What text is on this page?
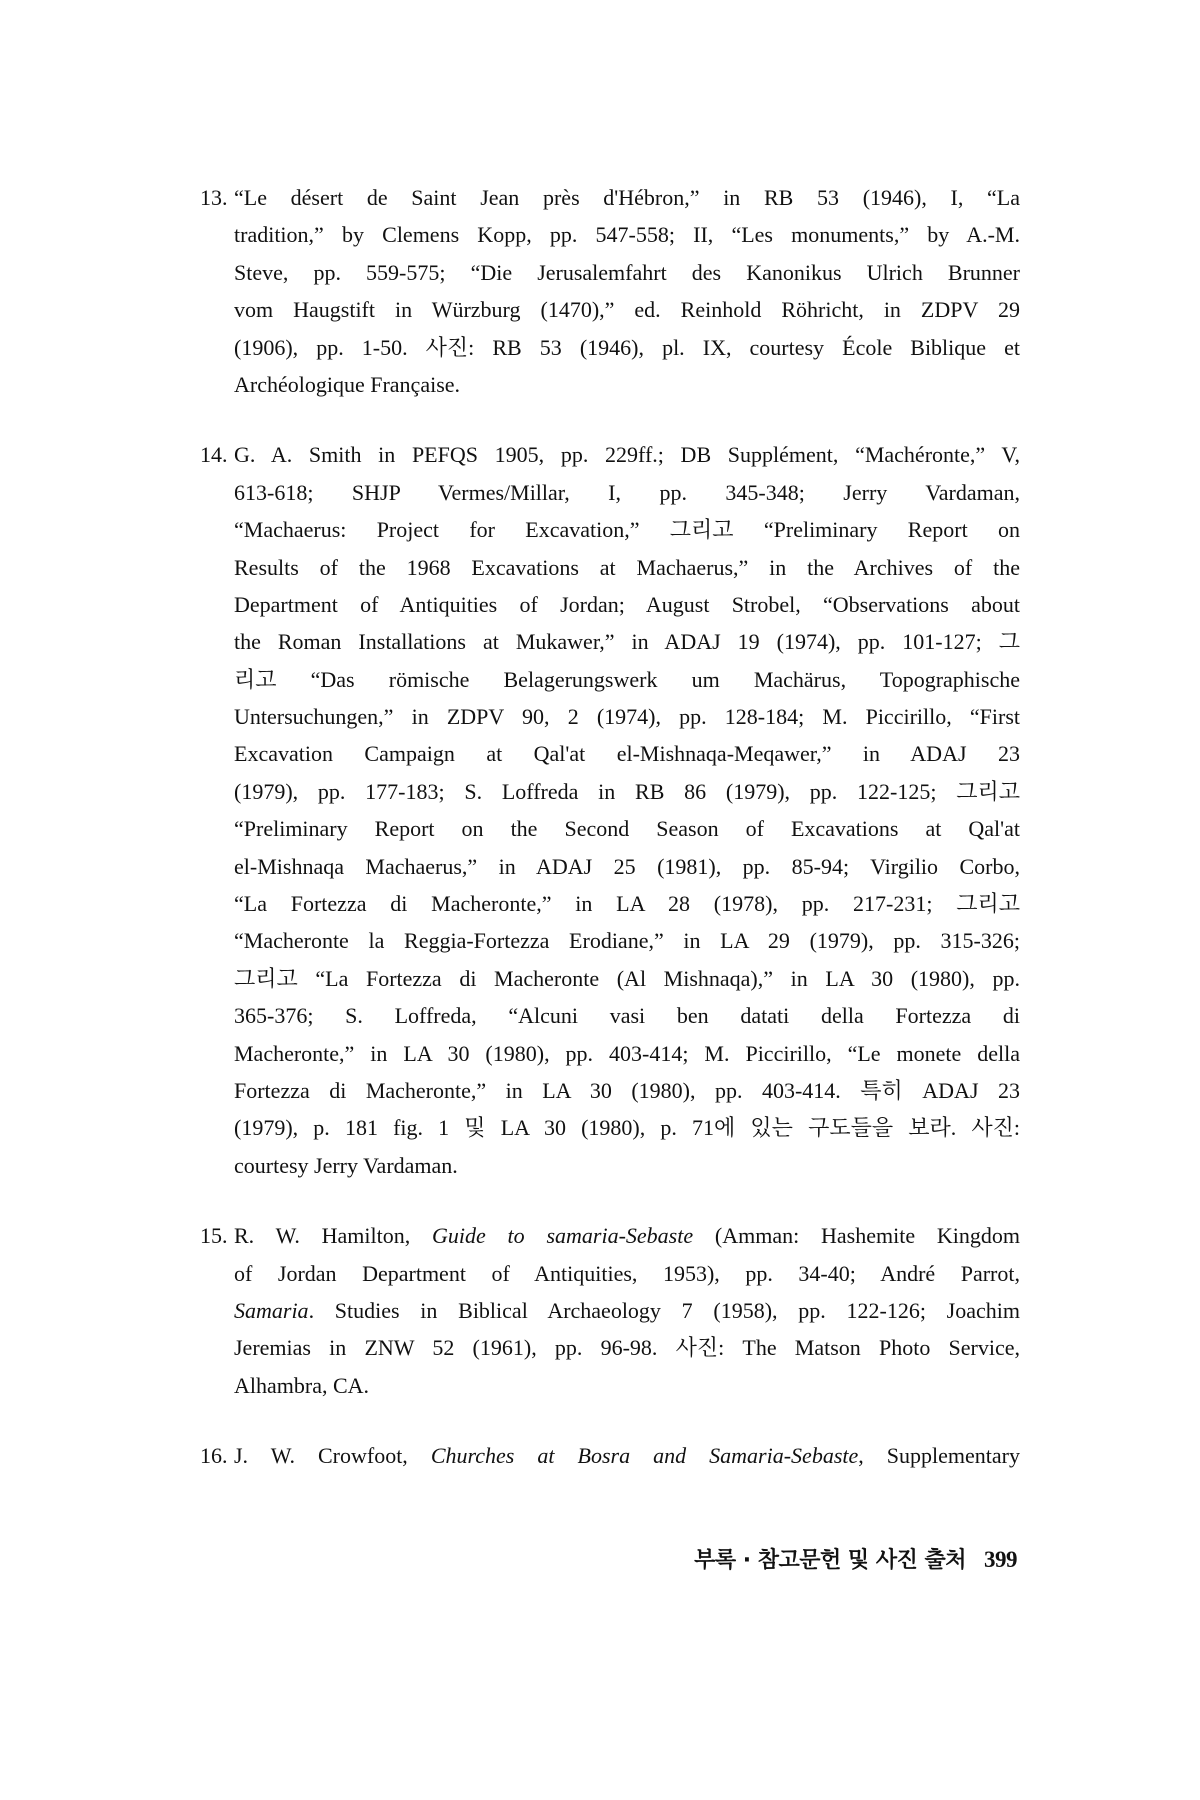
13. “Le désert de Saint Jean près d'Hébron,” in RB 53 (1946), I, “La
tradition,” by Clemens Kopp, pp. 547-558; II, “Les monuments,” by A.-M.
Steve, pp. 559-575; “Die Jerusalemfahrt des Kanonikus Ulrich Brunner
vom Haugstift in Würzburg (1470),” ed. Reinhold Röhricht, in ZDPV 29
(1906), pp. 1-50. 사진: RB 53 (1946), pl. IX, courtesy École Biblique et
Archéologique Française.
14. G. A. Smith in PEFQS 1905, pp. 229ff.; DB Supplément, “Machéronte,” V,
613-618; SHJP Vermes/Millar, I, pp. 345-348; Jerry Vardaman,
“Machaerus: Project for Excavation,” 그리고 “Preliminary Report on
Results of the 1968 Excavations at Machaerus,” in the Archives of the
Department of Antiquities of Jordan; August Strobel, “Observations about
the Roman Installations at Mukawer,” in ADAJ 19 (1974), pp. 101-127; 그
리고 “Das römische Belagerungswerk um Machärus, Topographische
Untersuchungen,” in ZDPV 90, 2 (1974), pp. 128-184; M. Piccirillo, “First
Excavation Campaign at Qal'at el-Mishnaqa-Meqawer,” in ADAJ 23
(1979), pp. 177-183; S. Loffreda in RB 86 (1979), pp. 122-125; 그리고
“Preliminary Report on the Second Season of Excavations at Qal'at
el-Mishnaqa Machaerus,” in ADAJ 25 (1981), pp. 85-94; Virgilio Corbo,
“La Fortezza di Macheronte,” in LA 28 (1978), pp. 217-231; 그리고
“Macheronte la Reggia-Fortezza Erodiane,” in LA 29 (1979), pp. 315-326;
그리고 “La Fortezza di Macheronte (Al Mishnaqa),” in LA 30 (1980), pp.
365-376; S. Loffreda, “Alcuni vasi ben datati della Fortezza di
Macheronte,” in LA 30 (1980), pp. 403-414; M. Piccirillo, “Le monete della
Fortezza di Macheronte,” in LA 30 (1980), pp. 403-414. 특히 ADAJ 23
(1979), p. 181 fig. 1 및 LA 30 (1980), p. 71에 있는 구도들을 보라. 사진:
courtesy Jerry Vardaman.
15. R. W. Hamilton, Guide to samaria-Sebaste (Amman: Hashemite Kingdom
of Jordan Department of Antiquities, 1953), pp. 34-40; André Parrot,
Samaria. Studies in Biblical Archaeology 7 (1958), pp. 122-126; Joachim
Jeremias in ZNW 52 (1961), pp. 96-98. 사진: The Matson Photo Service,
Alhambra, CA.
16. J. W. Crowfoot, Churches at Bosra and Samaria-Sebaste, Supplementary
부록 · 참고문헌 및 사진 출처 399
